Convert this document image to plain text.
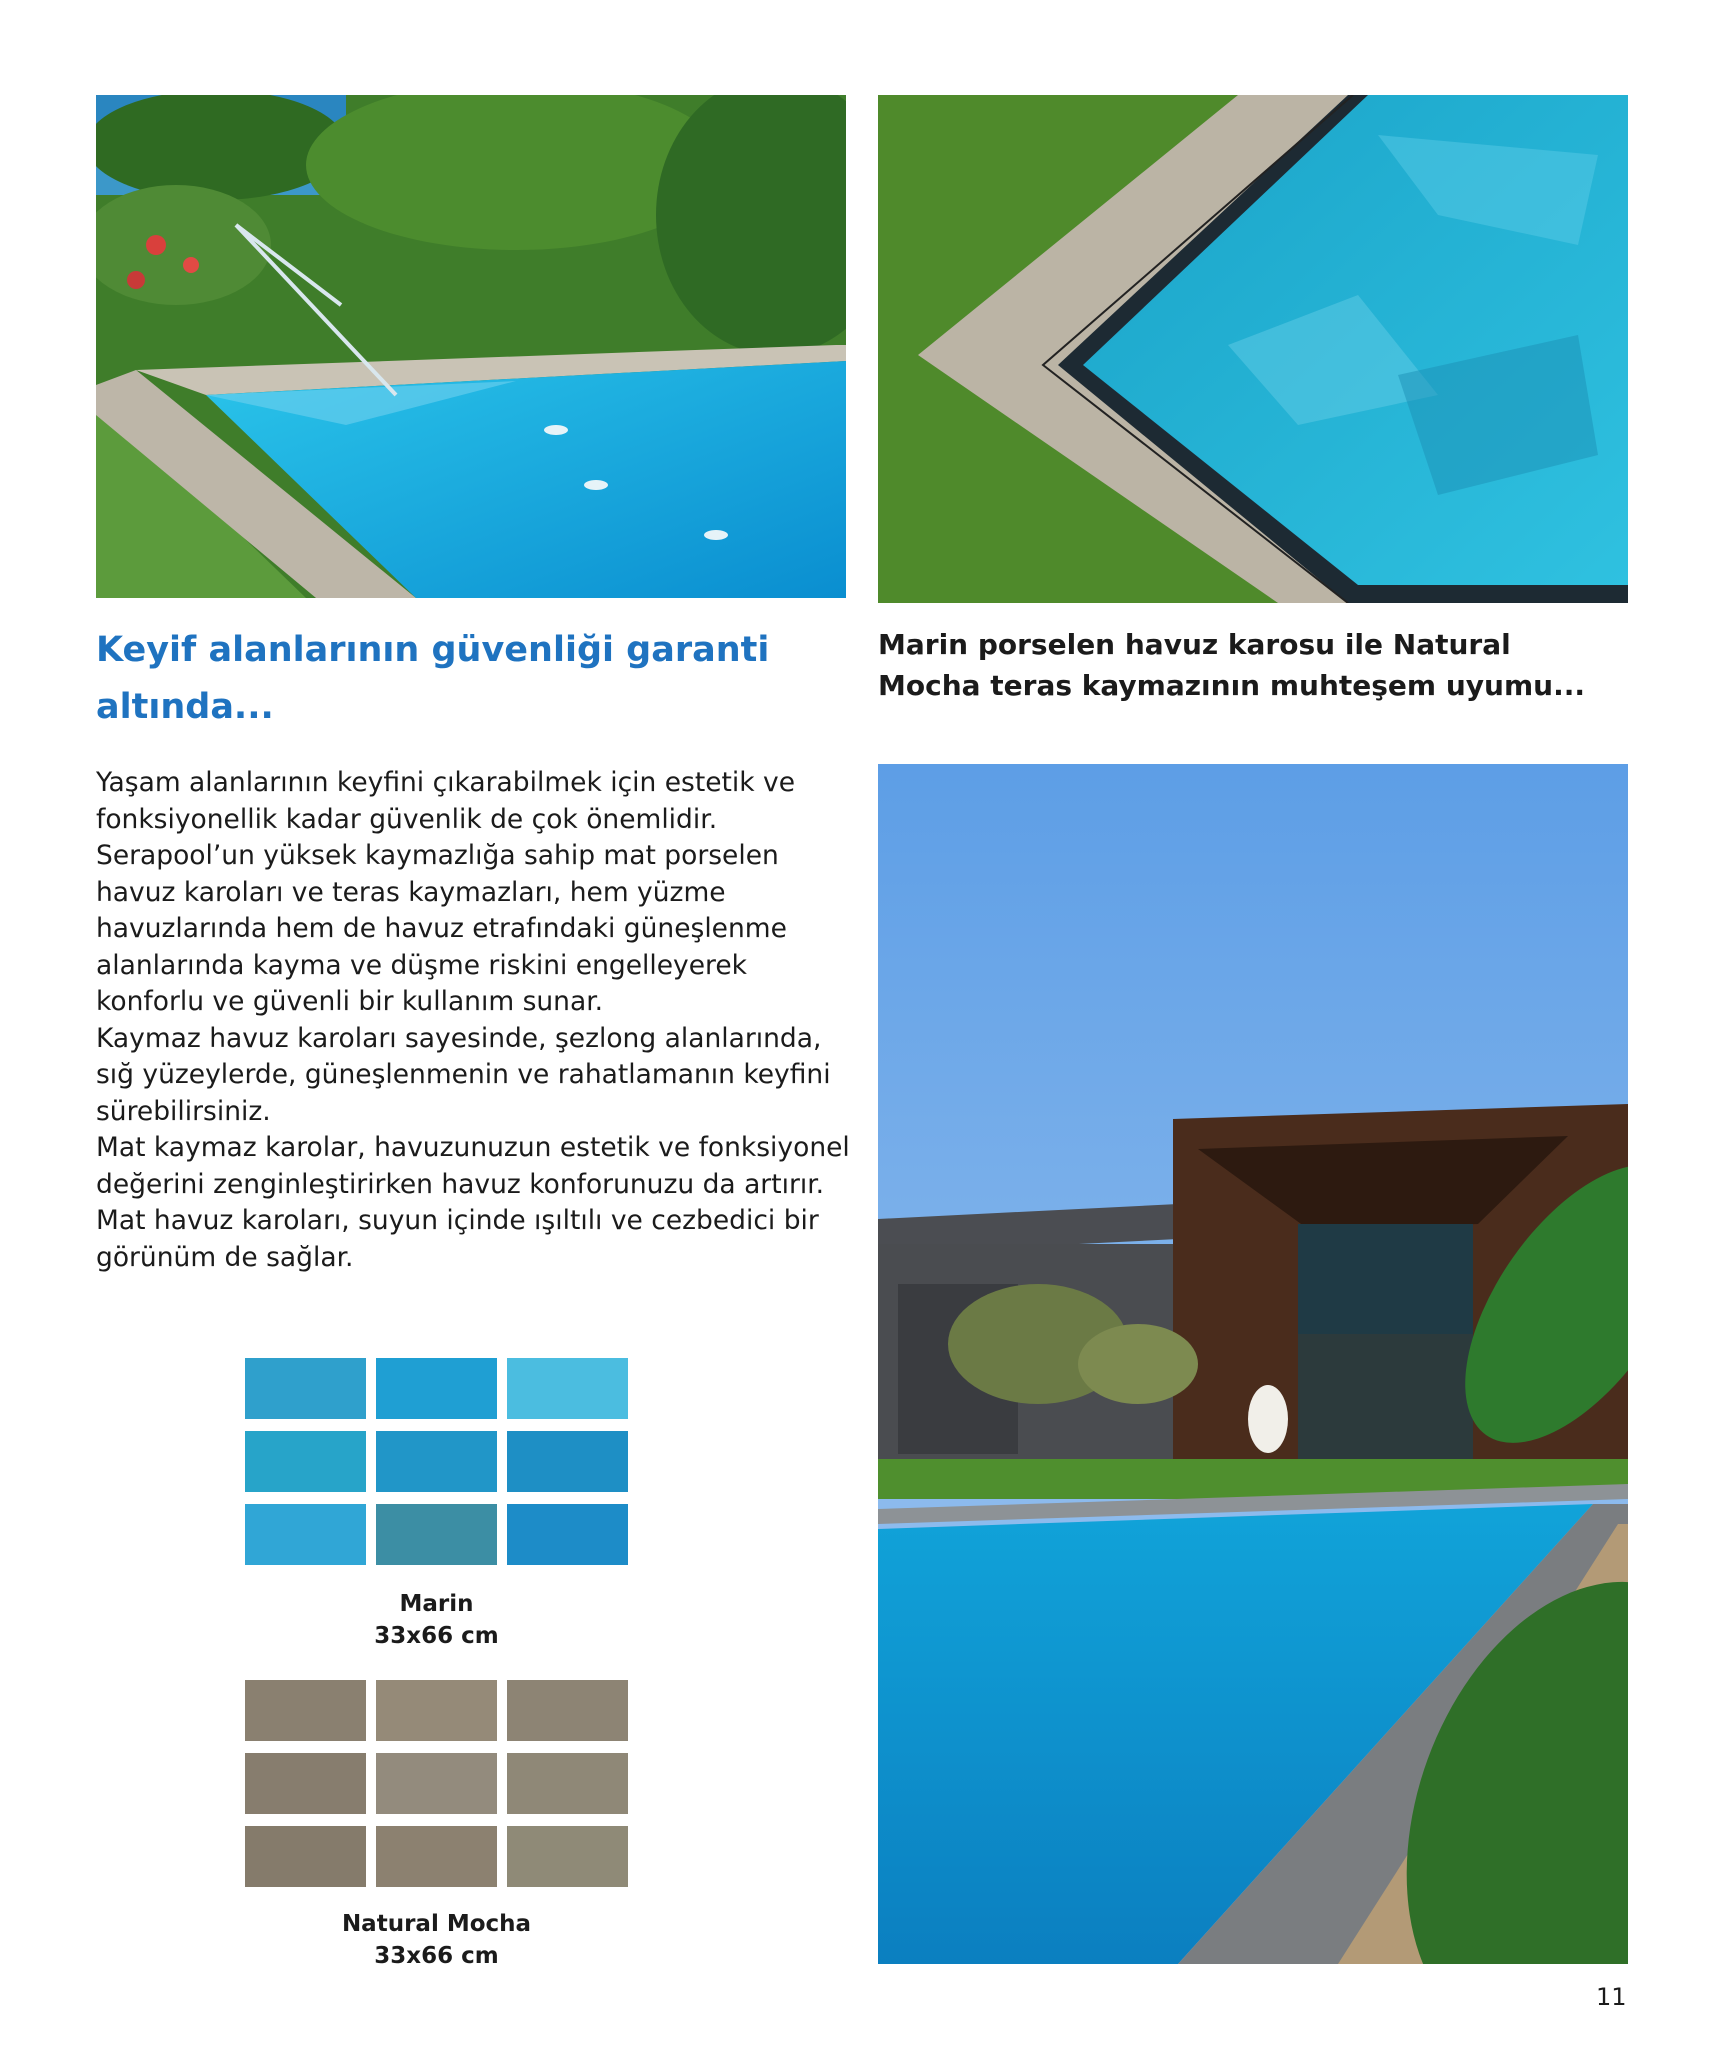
Keyif alanlarının güvenliği garanti altında...
Marin porselen havuz karosu ile Natural Mocha teras kaymazının muhteşem uyumu...

Yaşam alanlarının keyfini çıkarabilmek için estetik ve fonksiyonellik kadar güvenlik de çok önemlidir. Serapool’un yüksek kaymazlığa sahip mat porselen havuz karoları ve teras kaymazları, hem yüzme havuzlarında hem de havuz etrafındaki güneşlenme alanlarında kayma ve düşme riskini engelleyerek konforlu ve güvenli bir kullanım sunar.

Kaymaz havuz karoları sayesinde, şezlong alanlarında, sığ yüzeylerde, güneşlenmenin ve rahatlamanın keyfini sürebilirsiniz.

Mat kaymaz karolar, havuzunuzun estetik ve fonksiyonel değerini zenginleştirirken havuz konforunuzu da artırır.

Mat havuz karoları, suyun içinde ışıltılı ve cezbedici bir görünüm de sağlar.

Marin
33x66 cm
Natural Mocha
33x66 cm
11
